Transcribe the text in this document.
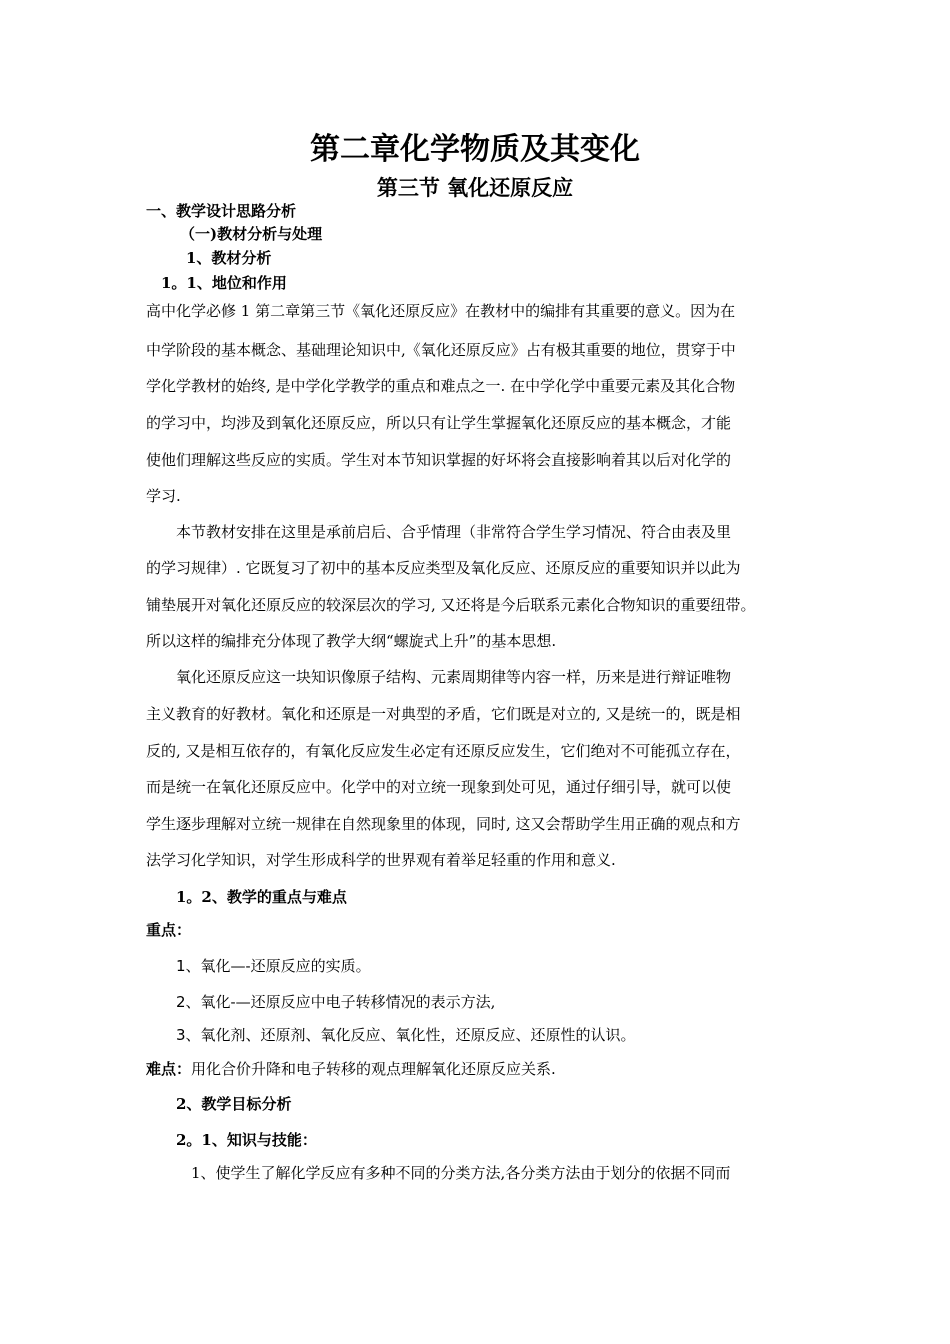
第二章化学物质及其变化
第三节 氧化还原反应
一、教学设计思路分析
（一)教材分析与处理
1、教材分析
1。1、地位和作用
高中化学必修 1 第二章第三节《氧化还原反应》在教材中的编排有其重要的意义。因为在
中学阶段的基本概念、基础理论知识中,《氧化还原反应》占有极其重要的地位，贯穿于中
学化学教材的始终, 是中学化学教学的重点和难点之一. 在中学化学中重要元素及其化合物
的学习中，均涉及到氧化还原反应，所以只有让学生掌握氧化还原反应的基本概念，才能
使他们理解这些反应的实质。学生对本节知识掌握的好坏将会直接影响着其以后对化学的
学习.
本节教材安排在这里是承前启后、合乎情理（非常符合学生学习情况、符合由表及里
的学习规律）. 它既复习了初中的基本反应类型及氧化反应、还原反应的重要知识并以此为
铺垫展开对氧化还原反应的较深层次的学习, 又还将是今后联系元素化合物知识的重要纽带。
所以这样的编排充分体现了教学大纲“螺旋式上升”的基本思想.
氧化还原反应这一块知识像原子结构、元素周期律等内容一样，历来是进行辩证唯物
主义教育的好教材。氧化和还原是一对典型的矛盾，它们既是对立的, 又是统一的，既是相
反的, 又是相互依存的，有氧化反应发生必定有还原反应发生，它们绝对不可能孤立存在，
而是统一在氧化还原反应中。化学中的对立统一现象到处可见，通过仔细引导，就可以使
学生逐步理解对立统一规律在自然现象里的体现，同时, 这又会帮助学生用正确的观点和方
法学习化学知识，对学生形成科学的世界观有着举足轻重的作用和意义.
1。2、教学的重点与难点
重点：
1、氧化—-还原反应的实质。
2、氧化-—还原反应中电子转移情况的表示方法,
3、氧化剂、还原剂、氧化反应、氧化性，还原反应、还原性的认识。
难点：用化合价升降和电子转移的观点理解氧化还原反应关系.
2、教学目标分析
2。1、知识与技能：
1、使学生了解化学反应有多种不同的分类方法,各分类方法由于划分的依据不同而
